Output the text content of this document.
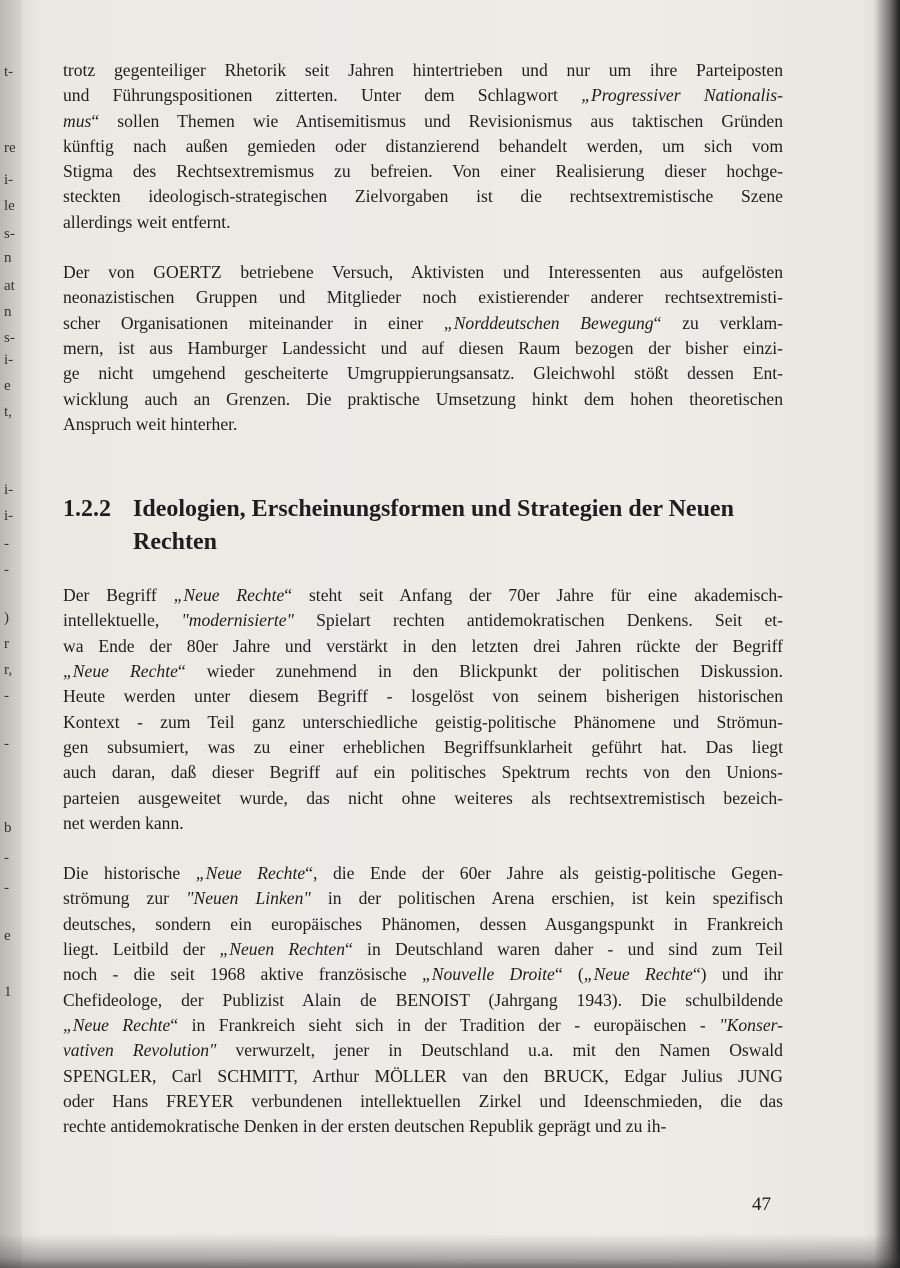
t-
re
i-
le
s-
n
at
n
s-
i-
e
t,
i-
i-
-
-
)
r
r,
-
-
b
-
-
e
1

trotz gegenteiliger Rhetorik seit Jahren hintertrieben und nur um ihre Parteiposten
und Führungspositionen zitterten. Unter dem Schlagwort „Progressiver Nationalis-
mus“ sollen Themen wie Antisemitismus und Revisionismus aus taktischen Gründen
künftig nach außen gemieden oder distanzierend behandelt werden, um sich vom
Stigma des Rechtsextremismus zu befreien. Von einer Realisierung dieser hochge-
steckten ideologisch-strategischen Zielvorgaben ist die rechtsextremistische Szene
allerdings weit entfernt.

Der von GOERTZ betriebene Versuch, Aktivisten und Interessenten aus aufgelösten
neonazistischen Gruppen und Mitglieder noch existierender anderer rechtsextremisti-
scher Organisationen miteinander in einer „Norddeutschen Bewegung“ zu verklam-
mern, ist aus Hamburger Landessicht und auf diesen Raum bezogen der bisher einzi-
ge nicht umgehend gescheiterte Umgruppierungsansatz. Gleichwohl stößt dessen Ent-
wicklung auch an Grenzen. Die praktische Umsetzung hinkt dem hohen theoretischen
Anspruch weit hinterher.

1.2.2 Ideologien, Erscheinungsformen und Strategien der Neuen Rechten

Der Begriff „Neue Rechte“ steht seit Anfang der 70er Jahre für eine akademisch-
intellektuelle, "modernisierte" Spielart rechten antidemokratischen Denkens. Seit et-
wa Ende der 80er Jahre und verstärkt in den letzten drei Jahren rückte der Begriff
„Neue Rechte“ wieder zunehmend in den Blickpunkt der politischen Diskussion.
Heute werden unter diesem Begriff - losgelöst von seinem bisherigen historischen
Kontext - zum Teil ganz unterschiedliche geistig-politische Phänomene und Strömun-
gen subsumiert, was zu einer erheblichen Begriffsunklarheit geführt hat. Das liegt
auch daran, daß dieser Begriff auf ein politisches Spektrum rechts von den Unions-
parteien ausgeweitet wurde, das nicht ohne weiteres als rechtsextremistisch bezeich-
net werden kann.

Die historische „Neue Rechte“, die Ende der 60er Jahre als geistig-politische Gegen-
strömung zur "Neuen Linken" in der politischen Arena erschien, ist kein spezifisch
deutsches, sondern ein europäisches Phänomen, dessen Ausgangspunkt in Frankreich
liegt. Leitbild der „Neuen Rechten“ in Deutschland waren daher - und sind zum Teil
noch - die seit 1968 aktive französische „Nouvelle Droite“ („Neue Rechte“) und ihr
Chefideologe, der Publizist Alain de BENOIST (Jahrgang 1943). Die schulbildende
„Neue Rechte“ in Frankreich sieht sich in der Tradition der - europäischen - "Konser-
vativen Revolution" verwurzelt, jener in Deutschland u.a. mit den Namen Oswald
SPENGLER, Carl SCHMITT, Arthur MÖLLER van den BRUCK, Edgar Julius JUNG
oder Hans FREYER verbundenen intellektuellen Zirkel und Ideenschmieden, die das
rechte antidemokratische Denken in der ersten deutschen Republik geprägt und zu ih-

47
